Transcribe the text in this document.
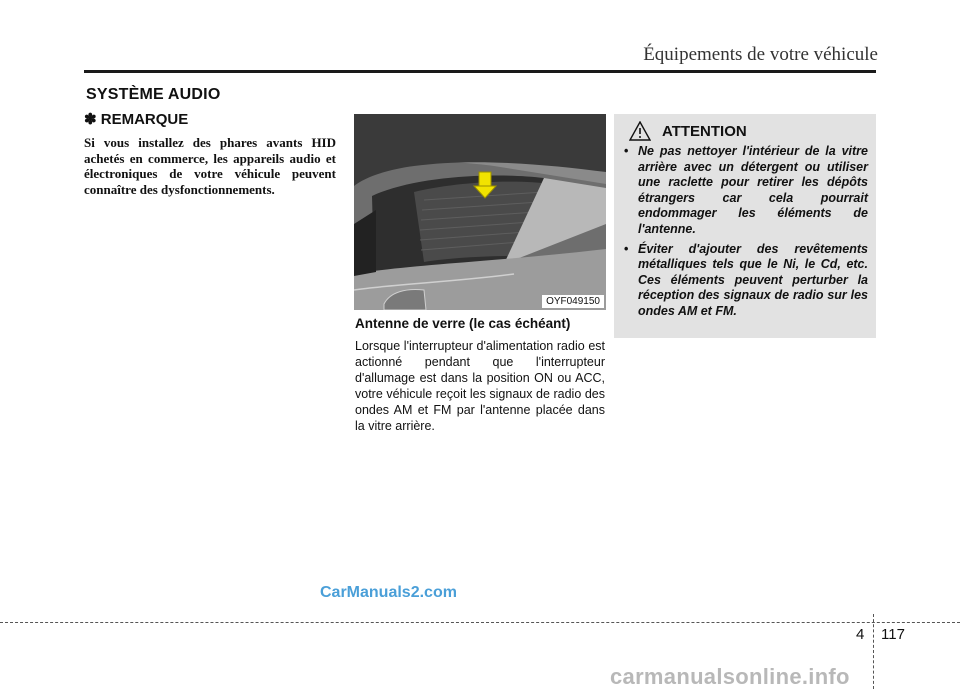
Équipements de votre véhicule
SYSTÈME AUDIO
✽ REMARQUE

Si vous installez des phares avants HID achetés en commerce, les appareils audio et électroniques de votre véhicule peuvent connaître des dysfonctionnements.

OYF049150
Antenne de verre (le cas échéant)

Lorsque l'interrupteur d'alimentation radio est actionné pendant que l'interrupteur d'allumage est dans la position ON ou ACC, votre véhicule reçoit les signaux de radio des ondes AM et FM par l'antenne placée dans la vitre arrière.

ATTENTION
• Ne pas nettoyer l'intérieur de la vitre arrière avec un détergent ou utiliser une raclette pour retirer les dépôts étrangers car cela pourrait endommager les éléments de l'antenne.
• Éviter d'ajouter des revêtements métalliques tels que le Ni, le Cd, etc. Ces éléments peuvent perturber la réception des signaux de radio sur les ondes AM et FM.
CarManuals2.com
4 117
carmanualsonline.info
